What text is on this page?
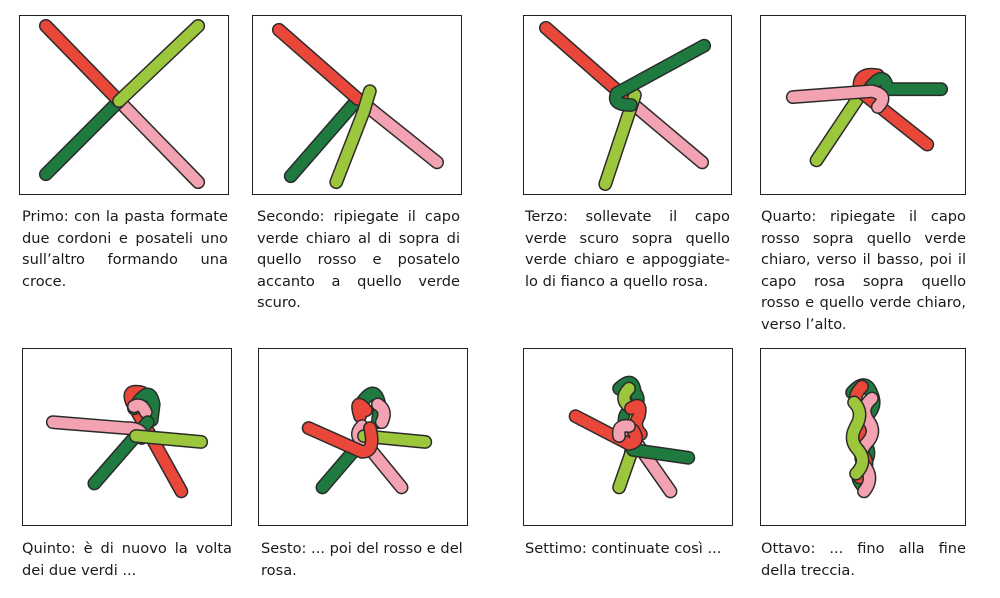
Primo: con la pasta formate due cordoni e posateli uno sull’altro formando una croce.

Secondo: ripiegate il capo verde chiaro al di sopra di quello rosso e posatelo accanto a quello verde scuro.

Terzo: sollevate il capo verde scuro sopra quello verde chiaro e appoggiate-lo di fianco a quello rosa.

Quarto: ripiegate il capo rosso sopra quello verde chiaro, verso il basso, poi il capo rosa sopra quello rosso e quello verde chiaro, verso l’alto.

Quinto: è di nuovo la volta dei due verdi ...

Sesto: ... poi del rosso e del rosa.

Settimo: continuate così ...	Ottavo: ... fino alla fine della treccia.
